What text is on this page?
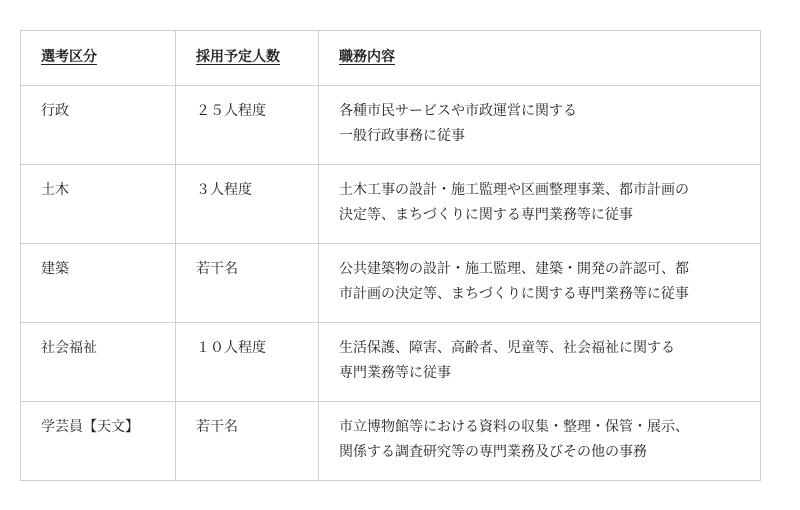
選考区分	採用予定人数	職務内容
行政	２５人程度	各種市民サービスや市政運営に関する
一般行政事務に従事
土木	３人程度	土木工事の設計・施工監理や区画整理事業、都市計画の
決定等、まちづくりに関する専門業務等に従事
建築	若干名	公共建築物の設計・施工監理、建築・開発の許認可、都
市計画の決定等、まちづくりに関する専門業務等に従事
社会福祉	１０人程度	生活保護、障害、高齢者、児童等、社会福祉に関する
専門業務等に従事
学芸員【天文】	若干名	市立博物館等における資料の収集・整理・保管・展示、
関係する調査研究等の専門業務及びその他の事務
